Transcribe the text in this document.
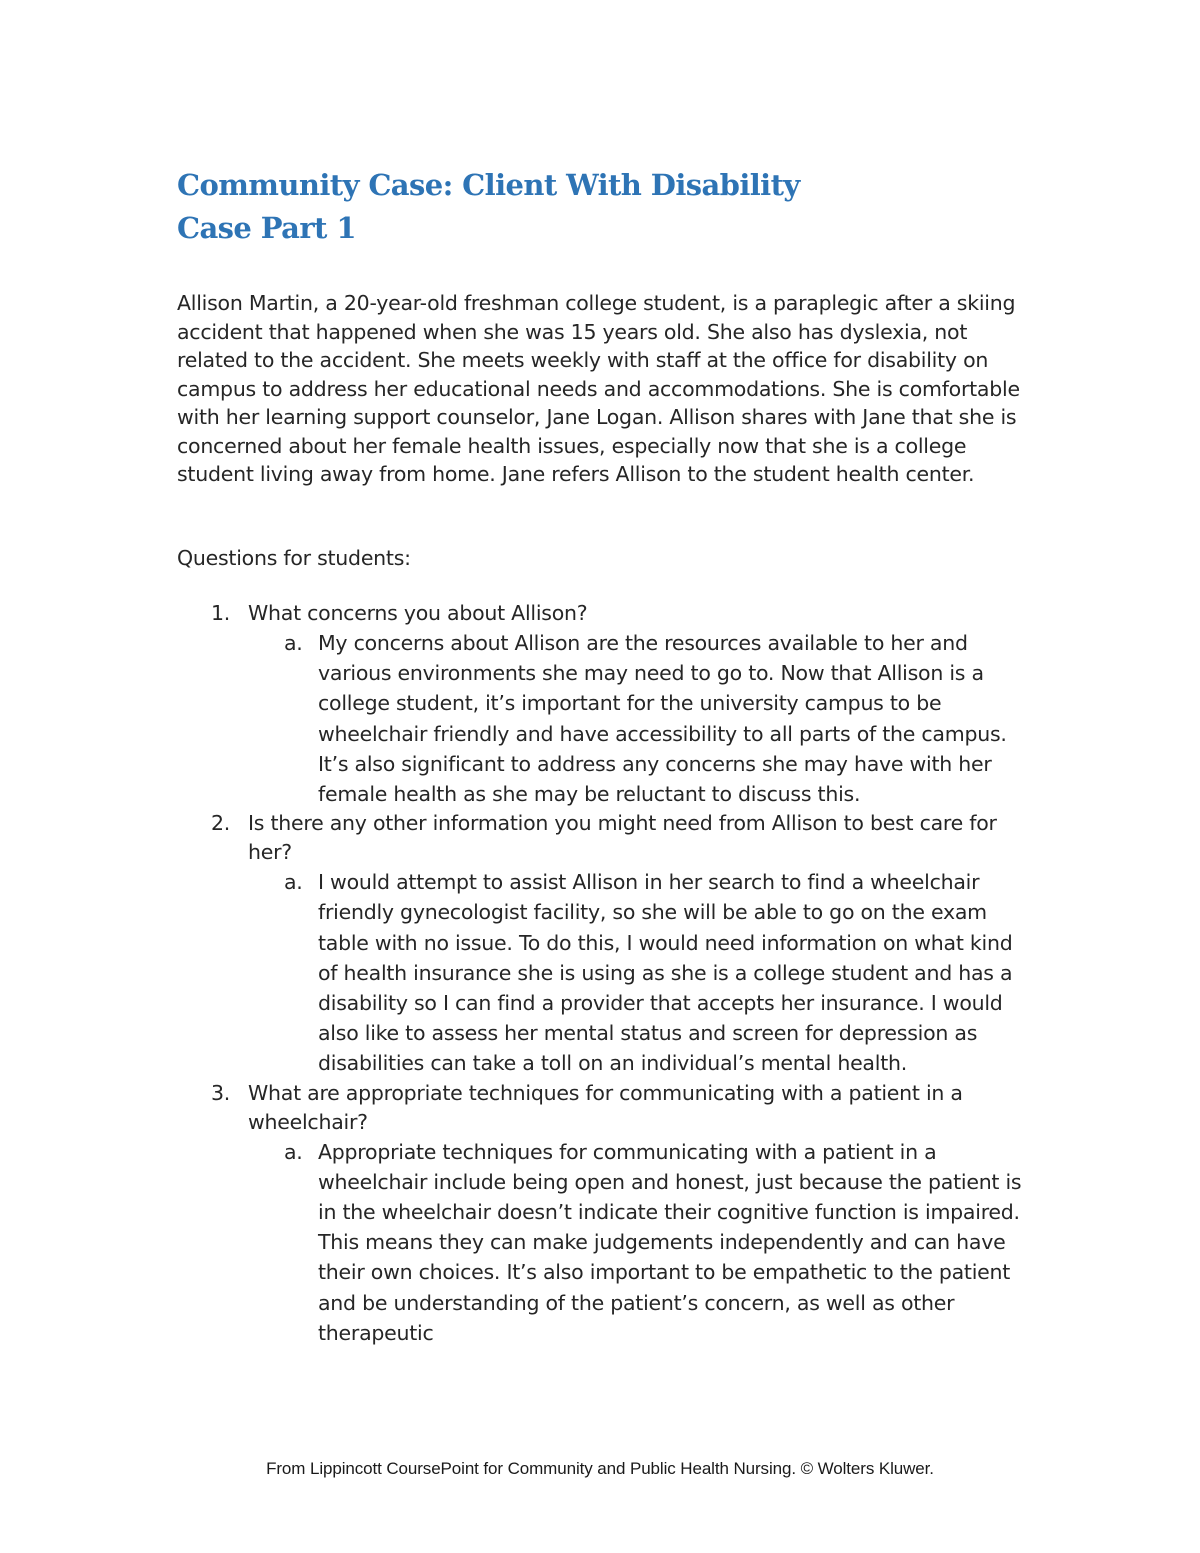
Community Case: Client With Disability
Case Part 1
Allison Martin, a 20-year-old freshman college student, is a paraplegic after a skiing accident that happened when she was 15 years old. She also has dyslexia, not related to the accident. She meets weekly with staff at the office for disability on campus to address her educational needs and accommodations. She is comfortable with her learning support counselor, Jane Logan. Allison shares with Jane that she is concerned about her female health issues, especially now that she is a college student living away from home. Jane refers Allison to the student health center.
Questions for students:
1. What concerns you about Allison?
a. My concerns about Allison are the resources available to her and various environments she may need to go to. Now that Allison is a college student, it’s important for the university campus to be wheelchair friendly and have accessibility to all parts of the campus. It’s also significant to address any concerns she may have with her female health as she may be reluctant to discuss this.
2. Is there any other information you might need from Allison to best care for her?
a. I would attempt to assist Allison in her search to find a wheelchair friendly gynecologist facility, so she will be able to go on the exam table with no issue. To do this, I would need information on what kind of health insurance she is using as she is a college student and has a disability so I can find a provider that accepts her insurance. I would also like to assess her mental status and screen for depression as disabilities can take a toll on an individual’s mental health.
3. What are appropriate techniques for communicating with a patient in a wheelchair?
a. Appropriate techniques for communicating with a patient in a wheelchair include being open and honest, just because the patient is in the wheelchair doesn’t indicate their cognitive function is impaired. This means they can make judgements independently and can have their own choices. It’s also important to be empathetic to the patient and be understanding of the patient’s concern, as well as other therapeutic
From Lippincott CoursePoint for Community and Public Health Nursing. © Wolters Kluwer.
